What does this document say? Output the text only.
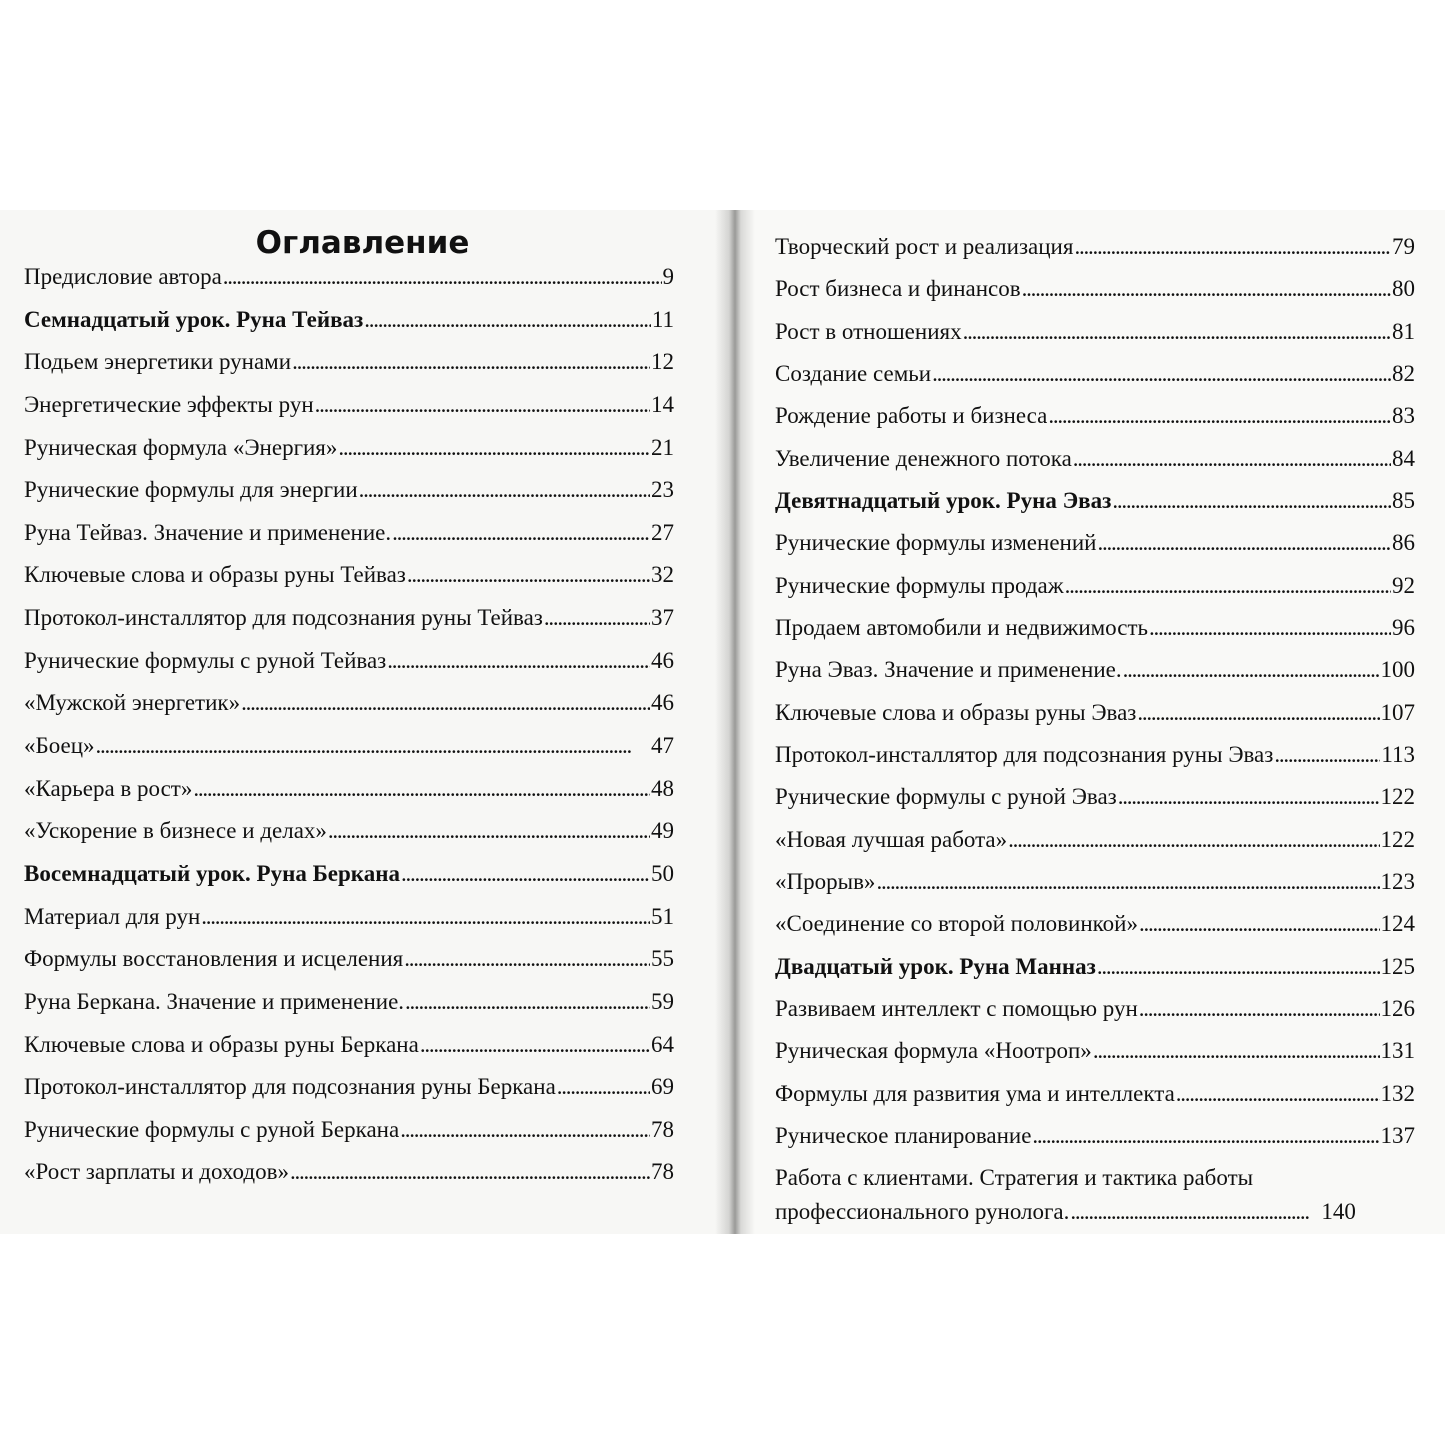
Оглавление
Предисловие автора . . .	9
Семнадцатый урок. Руна Тейваз . . .	11
Подьем энергетики рунами . . .	12
Энергетические эффекты рун . . .	14
Руническая формула «Энергия» . . .	21
Рунические формулы для энергии . . .	23
Руна Тейваз. Значение и применение. . . .	27
Ключевые слова и образы руны Тейваз . . .	32
Протокол-инсталлятор для подсознания руны Тейваз . . .	37
Рунические формулы с руной Тейваз . . .	46
«Мужской энергетик» . . .	46
«Боец» . . .	47
«Карьера в рост» . . .	48
«Ускорение в бизнесе и делах» . . .	49
Восемнадцатый урок. Руна Беркана . . .	50
Материал для рун . . .	51
Формулы восстановления и исцеления . . .	55
Руна Беркана. Значение и применение. . . .	59
Ключевые слова и образы руны Беркана . . .	64
Протокол-инсталлятор для подсознания руны Беркана . . .	69
Рунические формулы с руной Беркана . . .	78
«Рост зарплаты и доходов» . . .	78
Творческий рост и реализация . . .	79
Рост бизнеса и финансов . . .	80
Рост в отношениях . . .	81
Создание семьи . . .	82
Рождение работы и бизнеса . . .	83
Увеличение денежного потока . . .	84
Девятнадцатый урок. Руна Эваз . . .	85
Рунические формулы изменений . . .	86
Рунические формулы продаж . . .	92
Продаем автомобили и недвижимость . . .	96
Руна Эваз. Значение и применение. . . .	100
Ключевые слова и образы руны Эваз . . .	107
Протокол-инсталлятор для подсознания руны Эваз . . .	113
Рунические формулы с руной Эваз . . .	122
«Новая лучшая работа» . . .	122
«Прорыв» . . .	123
«Соединение со второй половинкой» . . .	124
Двадцатый урок. Руна Манназ . . .	125
Развиваем интеллект с помощью рун . . .	126
Руническая формула «Ноотроп» . . .	131
Формулы для развития ума и интеллекта . . .	132
Руническое планирование . . .	137
Работа с клиентами. Стратегия и тактика работы
профессионального рунолога. . . .	140
